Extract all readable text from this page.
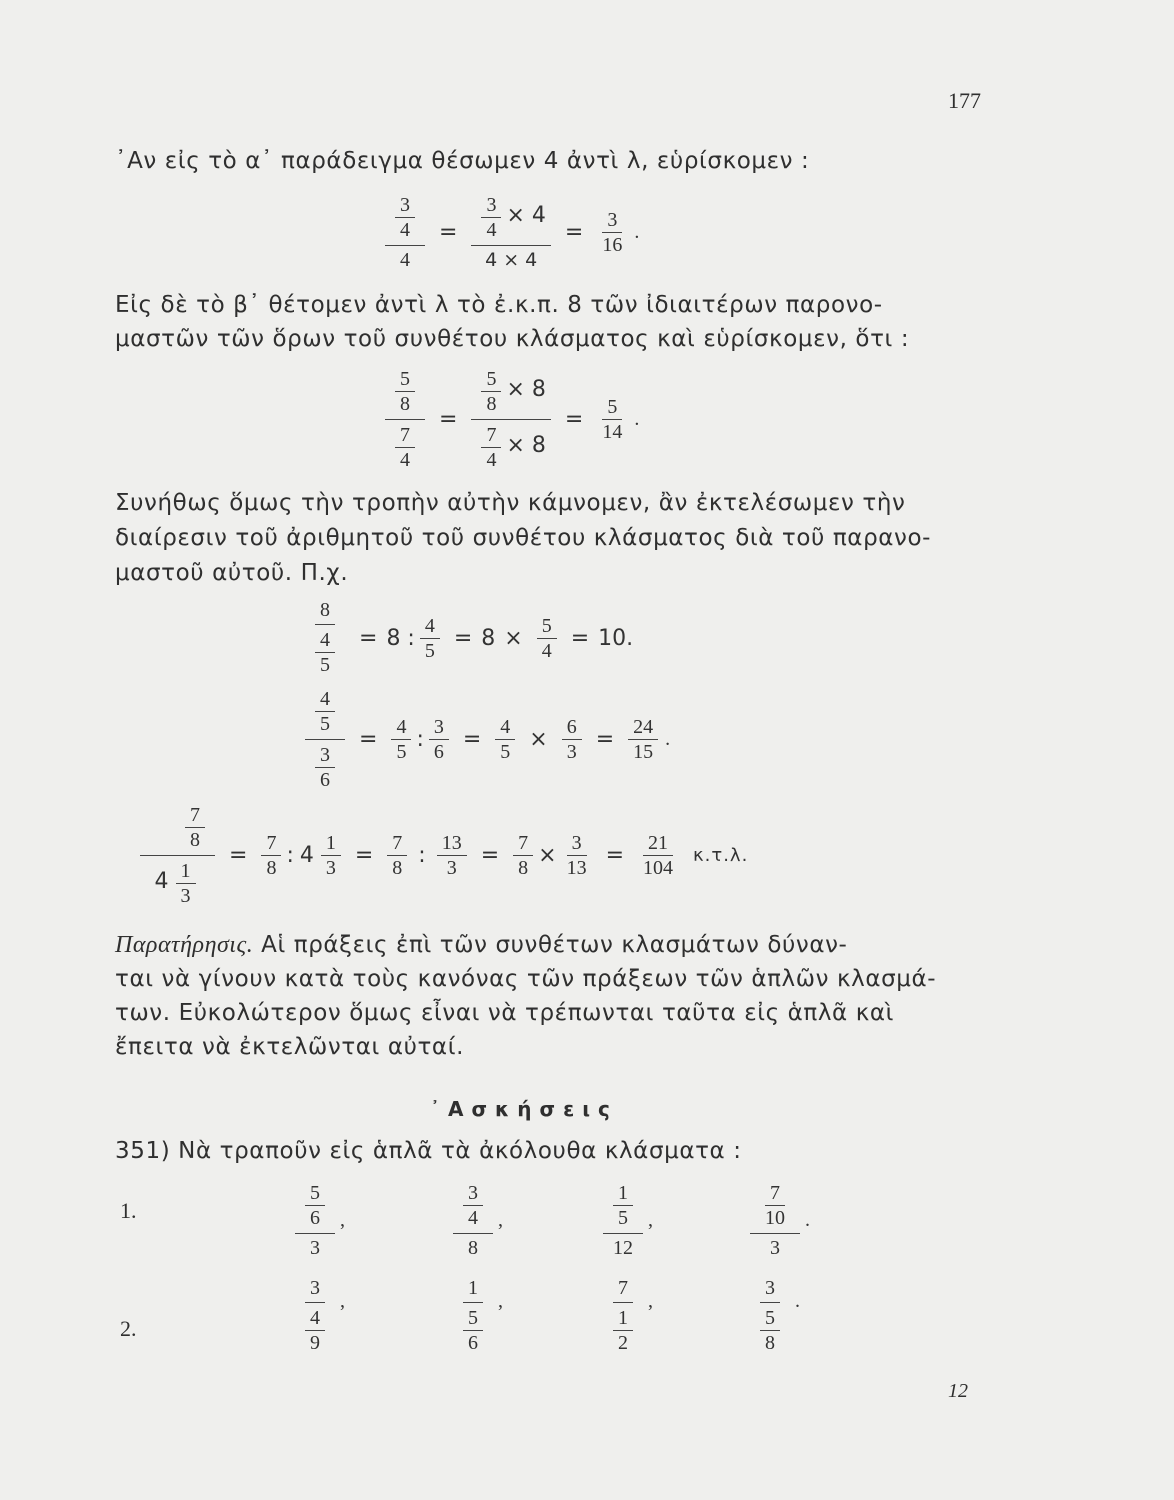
177
᾿Αν εἰς τὸ α᾽ παράδειγμα θέσωμεν 4 ἀντὶ λ, εὑρίσκομεν :
$\frac{\frac{3}{4}}{4} = \frac{\frac{3}{4} \times 4}{4 \times 4} = \frac{3}{16}$ .
Εἰς δὲ τὸ β᾽ θέτομεν ἀντὶ λ τὸ ἐ.κ.π. 8 τῶν ἰδιαιτέρων παρονο-
μαστῶν τῶν ὅρων τοῦ συνθέτου κλάσματος καὶ εὑρίσκομεν, ὅτι :
$\frac{\frac{5}{8}}{\frac{7}{4}} = \frac{\frac{5}{8} \times 8}{\frac{7}{4} \times 8} = \frac{5}{14}$ .
Συνήθως ὅμως τὴν τροπὴν αὐτὴν κάμνομεν, ἂν ἐκτελέσωμεν τὴν
διαίρεσιν τοῦ ἀριθμητοῦ τοῦ συνθέτου κλάσματος διὰ τοῦ παρανο-
μαστοῦ αὐτοῦ. Π.χ.
$\frac{8}{\frac{4}{5}} = 8$ : $\frac{4}{5} = 8 \times \frac{5}{4} = 10$.
$\frac{\frac{4}{5}}{\frac{3}{6}} = \frac{4}{5}$ : $\frac{3}{6} = \frac{4}{5} \times \frac{6}{3} = \frac{24}{15}$ .
$\frac{\frac{7}{8}}{4 \frac{1}{3}} = \frac{7}{8}$ : $4 \frac{1}{3} = \frac{7}{8}$ : $\frac{13}{3} = \frac{7}{8} \times \frac{3}{13} = \frac{21}{104} \kappa.\tau.\lambda$.
Παρατήρησις. Αἱ πράξεις ἐπὶ τῶν συνθέτων κλασμάτων δύναν-
ται νὰ γίνουν κατὰ τοὺς κανόνας τῶν πράξεων τῶν ἁπλῶν κλασμά-
των. Εὐκολώτερον ὅμως εἶναι νὰ τρέπωνται ταῦτα εἰς ἁπλᾶ καὶ
ἔπειτα νὰ ἐκτελῶνται αὐταί.
᾿Ασκήσεις
351) Νὰ τραποῦν εἰς ἁπλᾶ τὰ ἀκόλουθα κλάσματα :
1.	$\frac{\frac{5}{6}}{3}$ ,	$\frac{\frac{3}{4}}{8}$ ,	$\frac{\frac{1}{5}}{12}$ ,	$\frac{\frac{7}{10}}{3}$ .
2.	$\frac{3}{\frac{4}{9}}$ ,	$\frac{1}{\frac{5}{6}}$ ,	$\frac{7}{\frac{1}{2}}$ ,	$\frac{3}{\frac{5}{8}}$ .
12
